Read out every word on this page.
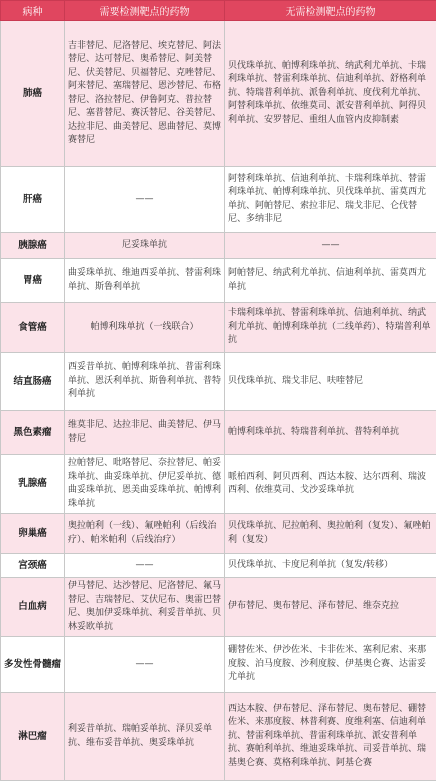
病种	需要检测靶点的药物	无需检测靶点的药物
肺癌	吉非替尼、尼洛替尼、埃克替尼、阿法替尼、达可替尼、奥希替尼、阿美替尼、伏美替尼、贝福替尼、克唑替尼、阿来替尼、塞瑞替尼、恩沙替尼、布格替尼、洛拉替尼、伊鲁阿克、普拉替尼、塞普替尼、赛沃替尼、谷美替尼、达拉非尼、曲美替尼、恩曲替尼、莫博赛替尼	贝伐珠单抗、帕博利珠单抗、纳武利尤单抗、卡瑞利珠单抗、替雷利珠单抗、信迪利单抗、舒格利单抗、特瑞普利单抗、派鲁利单抗、度伐利尤单抗、阿替利珠单抗、依维莫司、派安普利单抗、阿得贝利单抗、安罗替尼、重组人血管内皮抑制素
肝癌	——	阿替利珠单抗、信迪利单抗、卡瑞利珠单抗、替雷利珠单抗、帕博利珠单抗、贝伐珠单抗、雷莫西尤单抗、阿帕替尼、索拉非尼、瑞戈非尼、仑伐替尼、多纳非尼
胰腺癌	尼妥珠单抗	——
胃癌	曲妥珠单抗、维迪西妥单抗、替雷利珠单抗、斯鲁利单抗	阿帕替尼、纳武利尤单抗、信迪利单抗、雷莫西尤单抗
食管癌	帕博利珠单抗（一线联合）	卡瑞利珠单抗、替雷利珠单抗、信迪利单抗、纳武利尤单抗、帕博利珠单抗（二线单药）、特瑞普利单抗
结直肠癌	西妥昔单抗、帕博利珠单抗、普雷利珠单抗、恩沃利单抗、斯鲁利单抗、普特利单抗	贝伐珠单抗、瑞戈非尼、呋喹替尼
黑色素瘤	维莫非尼、达拉非尼、曲美替尼、伊马替尼	帕博利珠单抗、特瑞普利单抗、普特利单抗
乳腺癌	拉帕替尼、吡咯替尼、奈拉替尼、帕妥珠单抗、曲妥珠单抗、伊尼妥单抗、德曲妥珠单抗、恩美曲妥珠单抗、帕博利珠单抗	哌柏西利、阿贝西利、西达本胺、达尔西利、瑞波西利、依维莫司、戈沙妥珠单抗
卵巢癌	奥拉帕利（一线）、氟唑帕利（后线治疗）、帕米帕利（后线治疗）	贝伐珠单抗、尼拉帕利、奥拉帕利（复发）、氟唑帕利（复发）
宫颈癌	——	贝伐珠单抗、卡度尼利单抗（复发/转移）
白血病	伊马替尼、达沙替尼、尼洛替尼、氟马替尼、吉瑞替尼、艾伏尼布、奥雷巴替尼、奥加伊妥珠单抗、利妥昔单抗、贝林妥欧单抗	伊布替尼、奥布替尼、泽布替尼、维奈克拉
多发性骨髓瘤	——	硼替佐米、伊沙佐米、卡非佐米、塞利尼索、来那度胺、泊马度胺、沙利度胺、伊基奥仑赛、达雷妥尤单抗
淋巴瘤	利妥昔单抗、瑞帕妥单抗、泽贝妥单抗、维布妥昔单抗、奥妥珠单抗	西达本胺、伊布替尼、泽布替尼、奥布替尼、硼替佐米、来那度胺、林普利赛、度维利塞、信迪利单抗、替雷利珠单抗、普雷利珠单抗、派安普利单抗、赛帕利单抗、维迪妥珠单抗、司妥昔单抗、瑞基奥仑赛、莫格利珠单抗、阿基仑赛
